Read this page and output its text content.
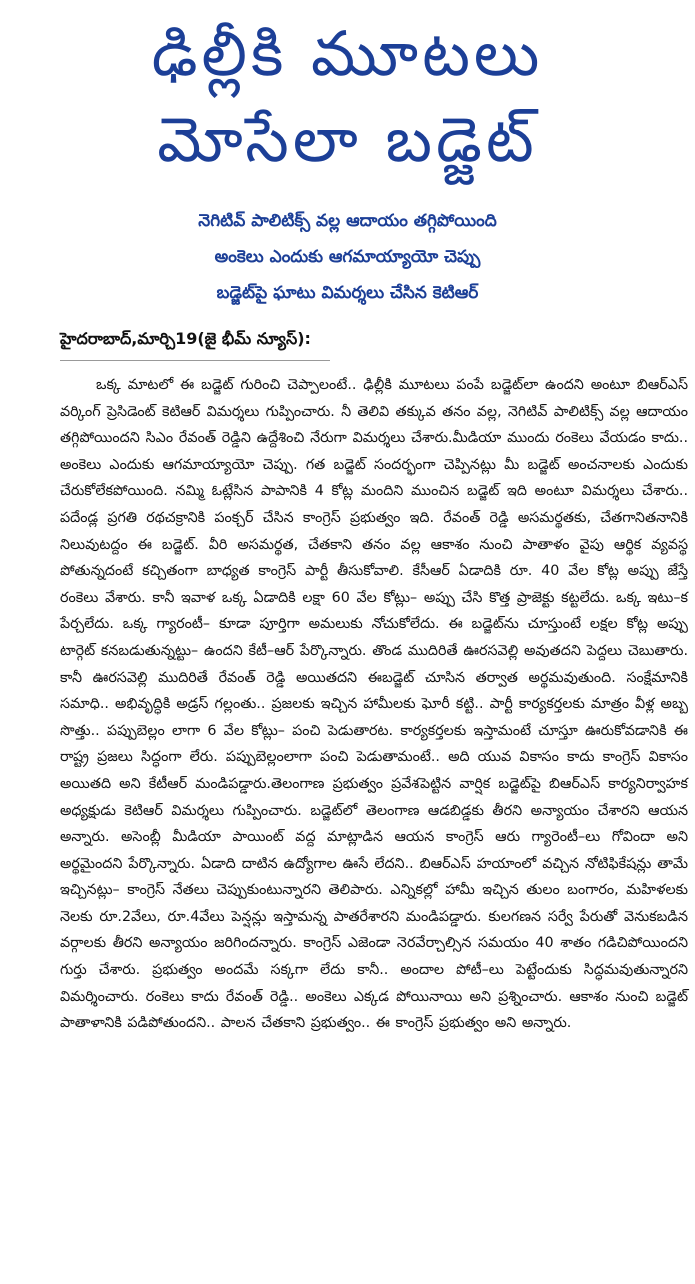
ఢిల్లీకి మూటలు
మోసేలా బడ్జెట్
నెగిటివ్ పాలిటిక్స్ వల్ల ఆదాయం తగ్గిపోయింది
అంకెలు ఎందుకు ఆగమాయ్యాయో చెప్పు
బడ్జెట్‌పై ఘాటు విమర్శలు చేసిన కెటిఆర్
హైదరాబాద్,మార్చి19(జై భీమ్ న్యూస్):

ఒక్క మాటలో ఈ బడ్జెట్ గురించి చెప్పాలంటే.. ఢిల్లీకి మూటలు పంపే బడ్జెట్‌లా ఉందని అంటూ బిఆర్ఎస్ వర్కింగ్ ప్రెసిడెంట్ కెటిఆర్ విమర్శలు గుప్పించారు. నీ తెలివి తక్కువ తనం వల్ల, నెగిటివ్ పాలిటిక్స్ వల్ల ఆదాయం తగ్గిపోయిందని సిఎం రేవంత్ రెడ్డిని ఉద్దేశించి నేరుగా విమర్శలు చేశారు.మీడియా ముందు రంకెలు వేయడం కాదు.. అంకెలు ఎందుకు ఆగమాయ్యాయో చెప్పు. గత బడ్జెట్ సందర్భంగా చెప్పినట్లు మీ బడ్జెట్ అంచనాలకు ఎందుకు చేరుకోలేకపోయింది. నమ్మి ఓట్లేసిన పాపానికి 4 కోట్ల మందిని ముంచిన బడ్జెట్ ఇది అంటూ విమర్శలు చేశారు.. పదేండ్ల ప్రగతి రథచక్రానికి పంక్చర్ చేసిన కాంగ్రెస్ ప్రభుత్వం ఇది. రేవంత్ రెడ్డి అసమర్థతకు, చేతగానితనానికి నిలువుటద్దం ఈ బడ్జెట్. వీరి అసమర్థత, చేతకాని తనం వల్ల ఆకాశం నుంచి పాతాళం వైపు ఆర్థిక వ్యవస్థ పోతున్నదంటే కచ్చితంగా బాధ్యత కాంగ్రెస్ పార్టీ తీసుకోవాలి. కేసీఆర్ ఏడాదికి రూ. 40 వేల కోట్ల అప్పు జేస్తే రంకెలు వేశారు. కానీ ఇవాళ ఒక్క ఏడాదికి లక్షా 60 వేల కోట్లు– అప్పు చేసి కొత్త ప్రాజెక్టు కట్టలేదు. ఒక్క ఇటు–క పేర్చలేదు. ఒక్క గ్యారంటీ– కూడా పూర్తిగా అమలుకు నోచుకోలేదు. ఈ బడ్జెట్‌ను చూస్తుంటే లక్షల కోట్ల అప్పు టార్గెట్ కనబడుతున్నట్టు– ఉందని కేటీ–ఆర్ పేర్కొన్నారు. తొండ ముదిరితే ఊరసవెల్లి అవుతదని పెద్దలు చెబుతారు. కానీ ఊరసవెల్లి ముదిరితే రేవంత్ రెడ్డి అయితదని ఈబడ్జెట్ చూసిన తర్వాత అర్థమవుతుంది. సంక్షేమానికి సమాధి.. అభివృద్ధికి అడ్రస్ గల్లంతు.. ప్రజలకు ఇచ్చిన హామీలకు ఘోరీ కట్టి.. పార్టీ కార్యకర్తలకు మాత్రం వీళ్ల అబ్బ సొత్తు.. పప్పుబెల్లం లాగా 6 వేల కోట్లు– పంచి పెడుతారట. కార్యకర్తలకు ఇస్తామంటే చూస్తూ ఊరుకోవడానికి ఈ రాష్ట్ర ప్రజలు సిద్ధంగా లేరు. పప్పుబెల్లంలాగా పంచి పెడుతామంటే.. అది యువ వికాసం కాదు కాంగ్రెస్ వికాసం అయితది అని కేటీఆర్ మండిపడ్డారు.తెలంగాణ ప్రభుత్వం ప్రవేశపెట్టిన వార్షిక బడ్జెట్‌పై బిఆర్ఎస్ కార్యనిర్వాహక అధ్యక్షుడు కెటిఆర్ విమర్శలు గుప్పించారు. బడ్జెట్‌లో తెలంగాణ ఆడబిడ్డకు తీరని అన్యాయం చేశారని ఆయన అన్నారు. అసెంబ్లీ మీడియా పాయింట్ వద్ద మాట్లాడిన ఆయన కాంగ్రెస్ ఆరు గ్యారెంటీ–లు గోవిందా అని అర్థమైందని పేర్కొన్నారు. ఏడాది దాటిన ఉద్యోగాల ఊసే లేదని.. బిఆర్ఎస్ హయాంలో వచ్చిన నోటిఫికేషన్లు తామే ఇచ్చినట్లు– కాంగ్రెస్ నేతలు చెప్పుకుంటున్నారని తెలిపారు. ఎన్నికల్లో హామీ ఇచ్చిన తులం బంగారం, మహిళలకు నెలకు రూ.2వేలు, రూ.4వేలు పెన్షన్లు ఇస్తామన్న పాతరేశారని మండిపడ్డారు. కులగణన సర్వే పేరుతో వెనుకబడిన వర్గాలకు తీరని అన్యాయం జరిగిందన్నారు. కాంగ్రెస్ ఎజెండా నెరవేర్చాల్సిన సమయం 40 శాతం గడిచిపోయిందని గుర్తు చేశారు. ప్రభుత్వం అందమే సక్కగా లేదు కానీ.. అందాల పోటీ–లు పెట్టేందుకు సిద్ధమవుతున్నారని విమర్శించారు. రంకెలు కాదు రేవంత్ రెడ్డి.. అంకెలు ఎక్కడ పోయినాయి అని ప్రశ్నించారు. ఆకాశం నుంచి బడ్జెట్ పాతాళానికి పడిపోతుందని.. పాలన చేతకాని ప్రభుత్వం.. ఈ కాంగ్రెస్ ప్రభుత్వం అని అన్నారు.
